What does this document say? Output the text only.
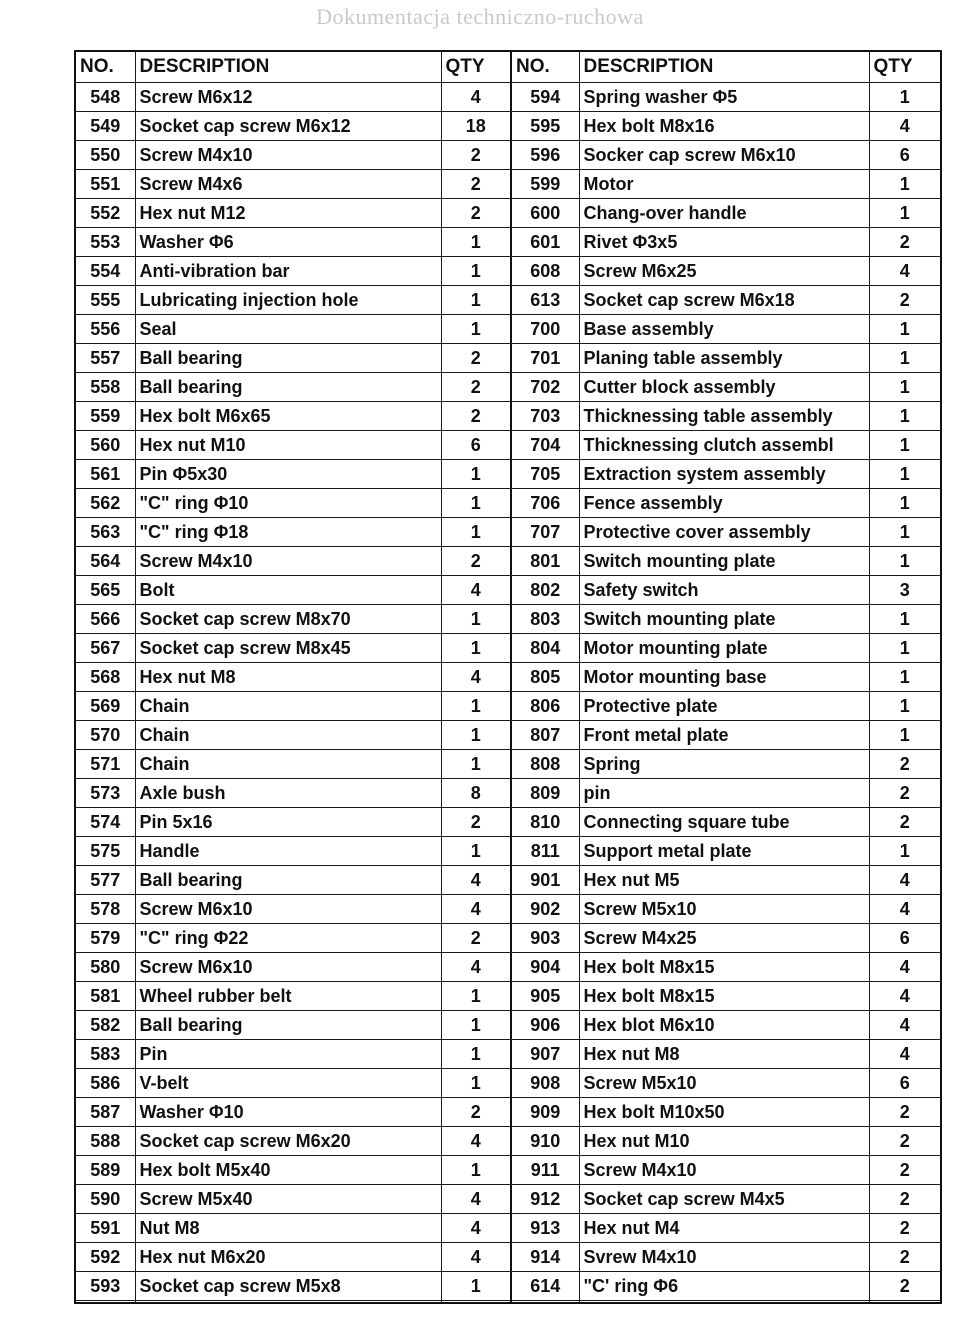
Dokumentacja techniczno-ruchowa
NO.	DESCRIPTION	QTY	NO.	DESCRIPTION	QTY
548	Screw M6x12	4	594	Spring washer Φ5	1
549	Socket cap screw M6x12	18	595	Hex bolt M8x16	4
550	Screw M4x10	2	596	Socker cap screw M6x10	6
551	Screw M4x6	2	599	Motor	1
552	Hex nut M12	2	600	Chang-over handle	1
553	Washer Φ6	1	601	Rivet Φ3x5	2
554	Anti-vibration bar	1	608	Screw M6x25	4
555	Lubricating injection hole	1	613	Socket cap screw M6x18	2
556	Seal	1	700	Base assembly	1
557	Ball bearing	2	701	Planing table assembly	1
558	Ball bearing	2	702	Cutter block assembly	1
559	Hex bolt M6x65	2	703	Thicknessing table assembly	1
560	Hex nut M10	6	704	Thicknessing clutch assembl	1
561	Pin Φ5x30	1	705	Extraction system assembly	1
562	"C" ring Φ10	1	706	Fence assembly	1
563	"C" ring Φ18	1	707	Protective cover assembly	1
564	Screw M4x10	2	801	Switch mounting plate	1
565	Bolt	4	802	Safety switch	3
566	Socket cap screw M8x70	1	803	Switch mounting plate	1
567	Socket cap screw M8x45	1	804	Motor mounting plate	1
568	Hex nut M8	4	805	Motor mounting base	1
569	Chain	1	806	Protective plate	1
570	Chain	1	807	Front metal plate	1
571	Chain	1	808	Spring	2
573	Axle bush	8	809	pin	2
574	Pin 5x16	2	810	Connecting square tube	2
575	Handle	1	811	Support metal plate	1
577	Ball bearing	4	901	Hex nut M5	4
578	Screw M6x10	4	902	Screw M5x10	4
579	"C" ring Φ22	2	903	Screw M4x25	6
580	Screw M6x10	4	904	Hex bolt M8x15	4
581	Wheel rubber belt	1	905	Hex bolt M8x15	4
582	Ball bearing	1	906	Hex blot M6x10	4
583	Pin	1	907	Hex nut M8	4
586	V-belt	1	908	Screw M5x10	6
587	Washer Φ10	2	909	Hex bolt M10x50	2
588	Socket cap screw M6x20	4	910	Hex nut M10	2
589	Hex bolt M5x40	1	911	Screw M4x10	2
590	Screw M5x40	4	912	Socket cap screw M4x5	2
591	Nut M8	4	913	Hex nut M4	2
592	Hex nut M6x20	4	914	Svrew M4x10	2
593	Socket cap screw M5x8	1	614	"C' ring Φ6	2
